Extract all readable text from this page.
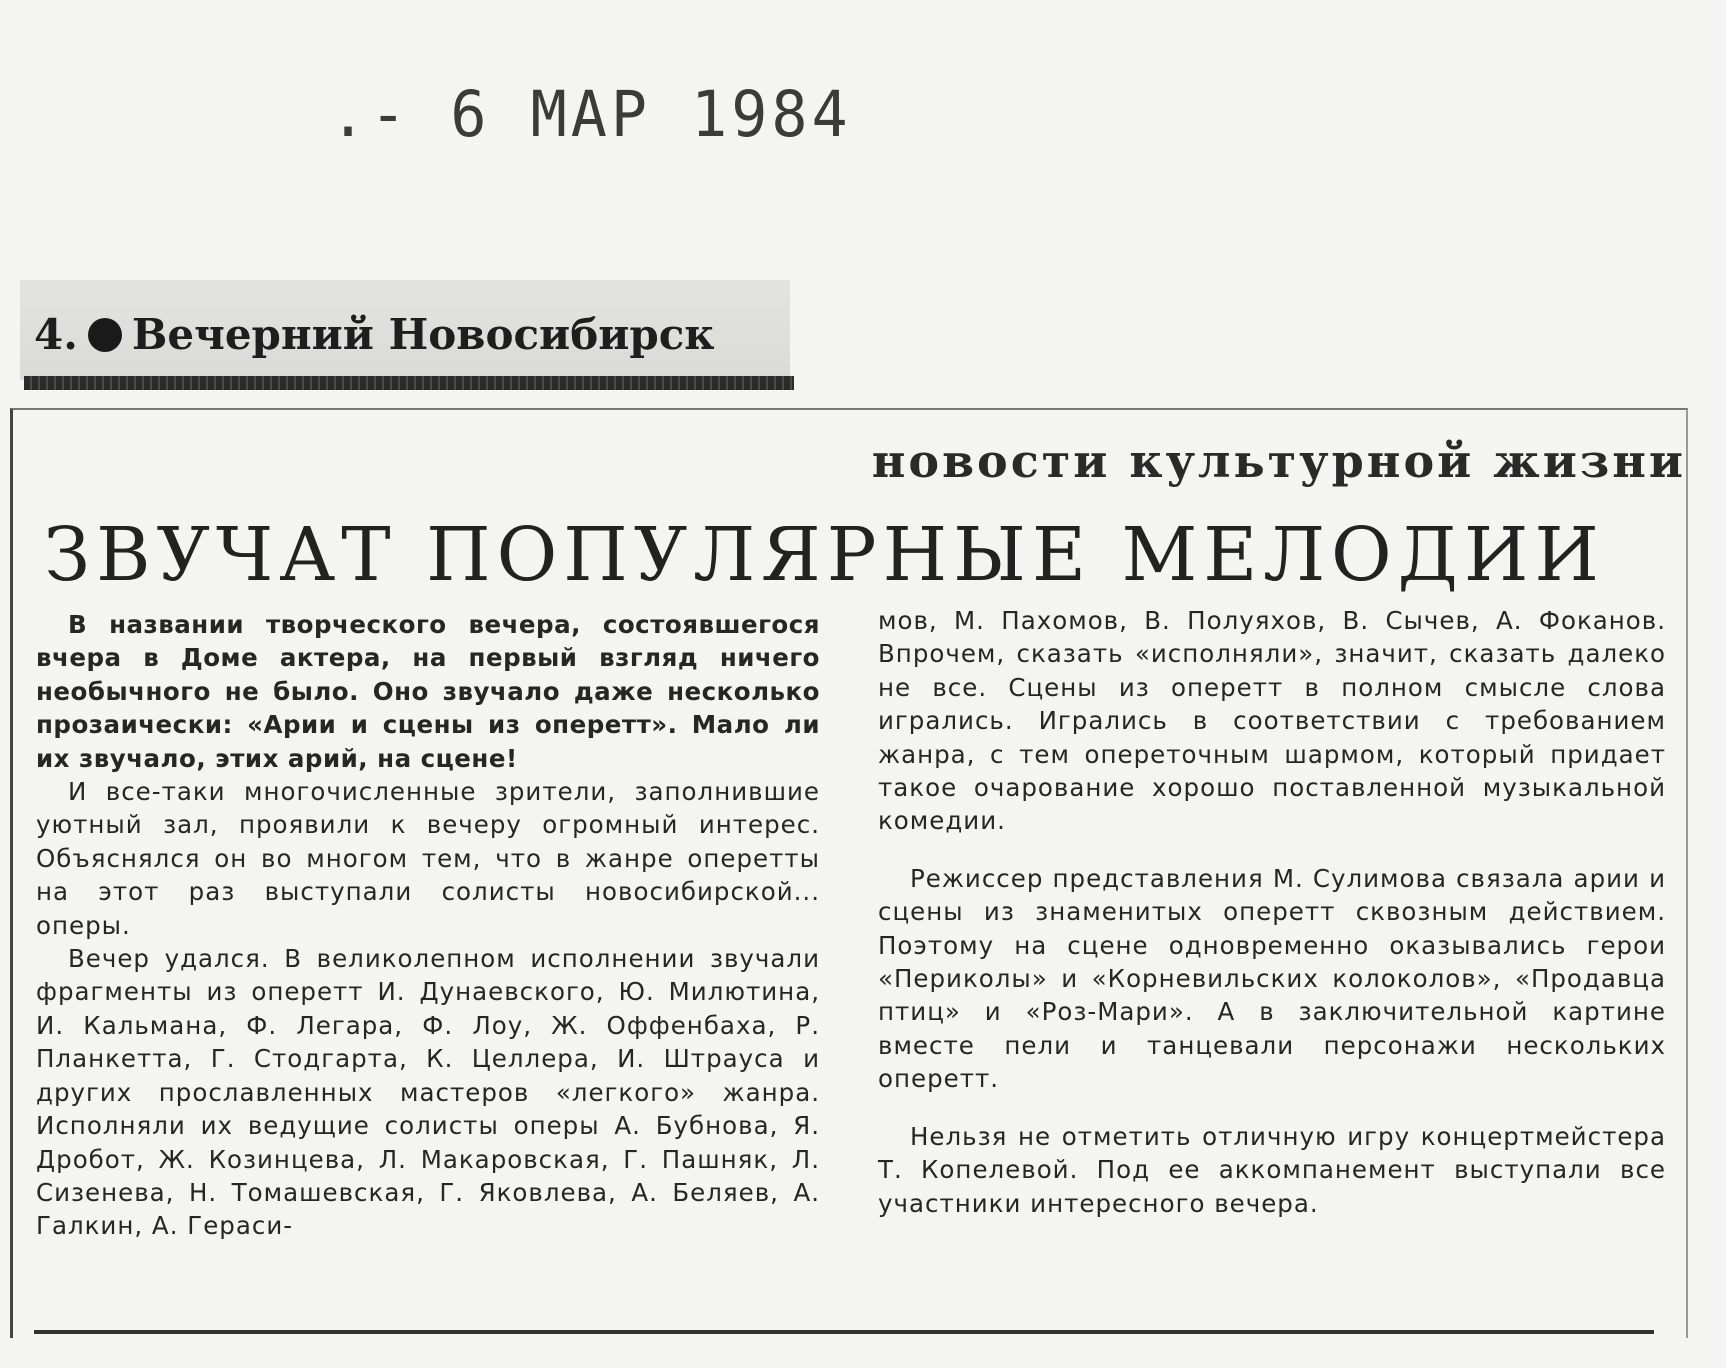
.- 6 МАР 1984
4. Вечерний Новосибирск
новости культурной жизни
ЗВУЧАТ ПОПУЛЯРНЫЕ МЕЛОДИИ

В названии творческого вечера, состоявшегося вчера в Доме актера, на первый взгляд ничего необычного не было. Оно звучало даже несколько прозаически: «Арии и сцены из оперетт». Мало ли их звучало, этих арий, на сцене!

И все-таки многочисленные зрители, заполнившие уютный зал, проявили к вечеру огромный интерес. Объяснялся он во многом тем, что в жанре оперетты на этот раз выступали солисты новосибирской... оперы.

Вечер удался. В великолепном исполнении звучали фрагменты из оперетт И. Дунаевского, Ю. Милютина, И. Кальмана, Ф. Легара, Ф. Лоу, Ж. Оффенбаха, Р. Планкетта, Г. Стодгарта, К. Целлера, И. Штрауса и других прославленных мастеров «легкого» жанра. Исполняли их ведущие солисты оперы А. Бубнова, Я. Дробот, Ж. Козинцева, Л. Макаровская, Г. Пашняк, Л. Сизенева, Н. Томашевская, Г. Яковлева, А. Беляев, А. Галкин, А. Гераси-

мов, М. Пахомов, В. Полуяхов, В. Сычев, А. Фоканов. Впрочем, сказать «исполняли», значит, сказать далеко не все. Сцены из оперетт в полном смысле слова игрались. Игрались в соответствии с требованием жанра, с тем опереточным шармом, который придает такое очарование хорошо поставленной музыкальной комедии.

Режиссер представления М. Сулимова связала арии и сцены из знаменитых оперетт сквозным действием. Поэтому на сцене одновременно оказывались герои «Периколы» и «Корневильских колоколов», «Продавца птиц» и «Роз-Мари». А в заключительной картине вместе пели и танцевали персонажи нескольких оперетт.

Нельзя не отметить отличную игру концертмейстера Т. Копелевой. Под ее аккомпанемент выступали все участники интересного вечера.
